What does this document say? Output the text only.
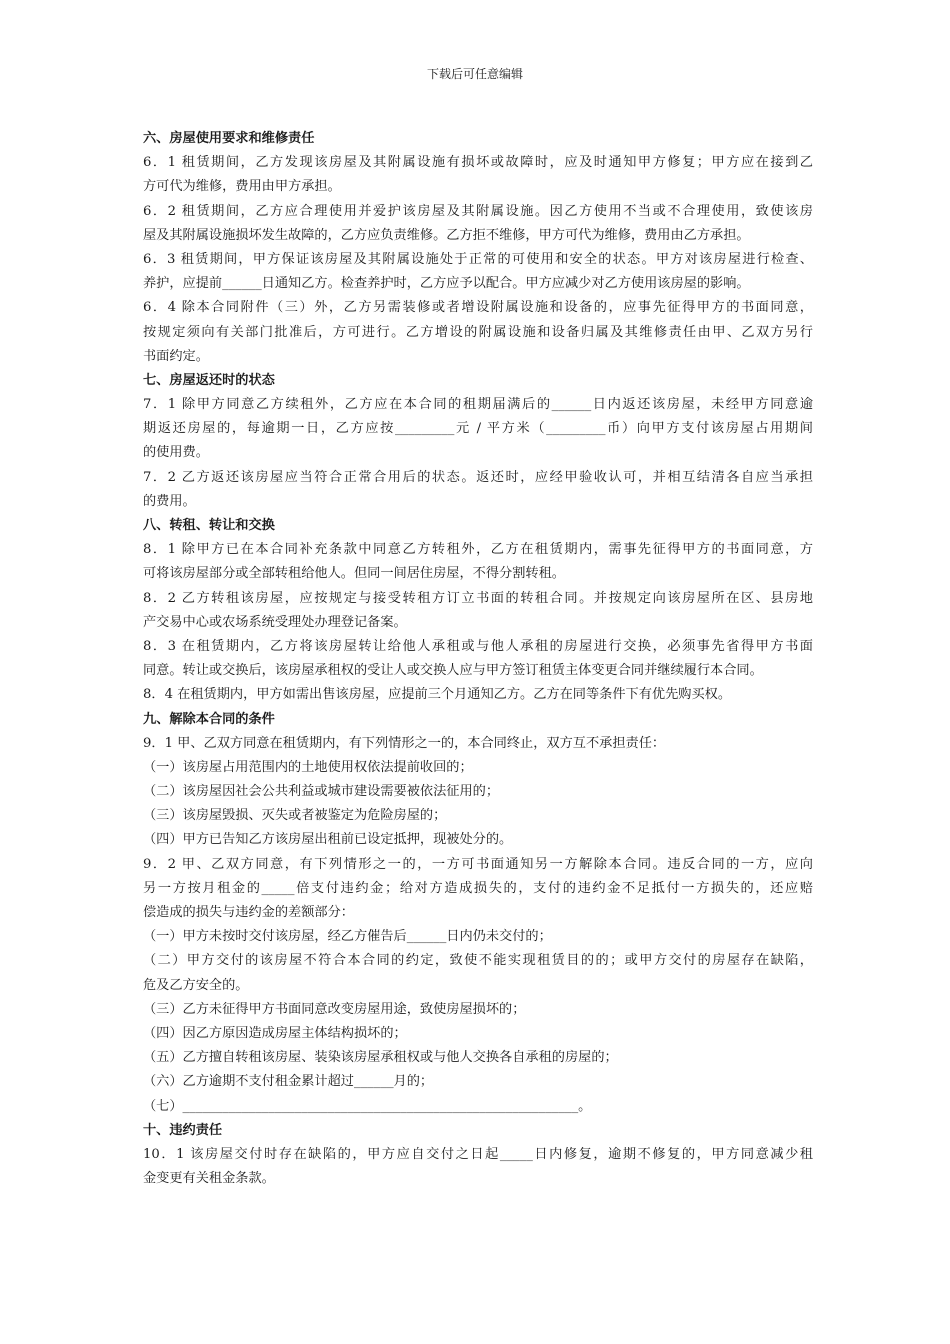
下载后可任意编辑
六、房屋使用要求和维修责任
6．1 租赁期间，乙方发现该房屋及其附属设施有损坏或故障时，应及时通知甲方修复；甲方应在接到乙
方可代为维修，费用由甲方承担。
6．2 租赁期间，乙方应合理使用并爱护该房屋及其附属设施。因乙方使用不当或不合理使用，致使该房
屋及其附属设施损坏发生故障的，乙方应负责维修。乙方拒不维修，甲方可代为维修，费用由乙方承担。
6．3 租赁期间，甲方保证该房屋及其附属设施处于正常的可使用和安全的状态。甲方对该房屋进行检查、
养护，应提前______日通知乙方。检查养护时，乙方应予以配合。甲方应减少对乙方使用该房屋的影响。
6．4 除本合同附件（三）外，乙方另需装修或者增设附属设施和设备的，应事先征得甲方的书面同意，
按规定须向有关部门批准后，方可进行。乙方增设的附属设施和设备归属及其维修责任由甲、乙双方另行
书面约定。
七、房屋返还时的状态
7．1 除甲方同意乙方续租外，乙方应在本合同的租期届满后的______日内返还该房屋，未经甲方同意逾
期返还房屋的，每逾期一日，乙方应按_________元 / 平方米（_________币）向甲方支付该房屋占用期间
的使用费。
7．2 乙方返还该房屋应当符合正常合用后的状态。返还时，应经甲验收认可，并相互结清各自应当承担
的费用。
八、转租、转让和交换
8．1 除甲方已在本合同补充条款中同意乙方转租外，乙方在租赁期内，需事先征得甲方的书面同意，方
可将该房屋部分或全部转租给他人。但同一间居住房屋，不得分割转租。
8．2 乙方转租该房屋，应按规定与接受转租方订立书面的转租合同。并按规定向该房屋所在区、县房地
产交易中心或农场系统受理处办理登记备案。
8．3 在租赁期内，乙方将该房屋转让给他人承租或与他人承租的房屋进行交换，必须事先省得甲方书面
同意。转让或交换后，该房屋承租权的受让人或交换人应与甲方签订租赁主体变更合同并继续履行本合同。
8．4 在租赁期内，甲方如需出售该房屋，应提前三个月通知乙方。乙方在同等条件下有优先购买权。
九、解除本合同的条件
9．1 甲、乙双方同意在租赁期内，有下列情形之一的，本合同终止，双方互不承担责任：
（一）该房屋占用范围内的土地使用权依法提前收回的；
（二）该房屋因社会公共利益或城市建设需要被依法征用的；
（三）该房屋毁损、灭失或者被鉴定为危险房屋的；
（四）甲方已告知乙方该房屋出租前已设定抵押，现被处分的。
9．2 甲、乙双方同意，有下列情形之一的，一方可书面通知另一方解除本合同。违反合同的一方，应向
另一方按月租金的_____倍支付违约金；给对方造成损失的，支付的违约金不足抵付一方损失的，还应赔
偿造成的损失与违约金的差额部分：
（一）甲方未按时交付该房屋，经乙方催告后______日内仍未交付的；
（二）甲方交付的该房屋不符合本合同的约定，致使不能实现租赁目的的；或甲方交付的房屋存在缺陷，
危及乙方安全的。
（三）乙方未征得甲方书面同意改变房屋用途，致使房屋损坏的；
（四）因乙方原因造成房屋主体结构损坏的；
（五）乙方擅自转租该房屋、装染该房屋承租权或与他人交换各自承租的房屋的；
（六）乙方逾期不支付租金累计超过______月的；
（七）____________________________________________________________。
十、违约责任
10．1 该房屋交付时存在缺陷的，甲方应自交付之日起_____日内修复，逾期不修复的，甲方同意减少租
金变更有关租金条款。
